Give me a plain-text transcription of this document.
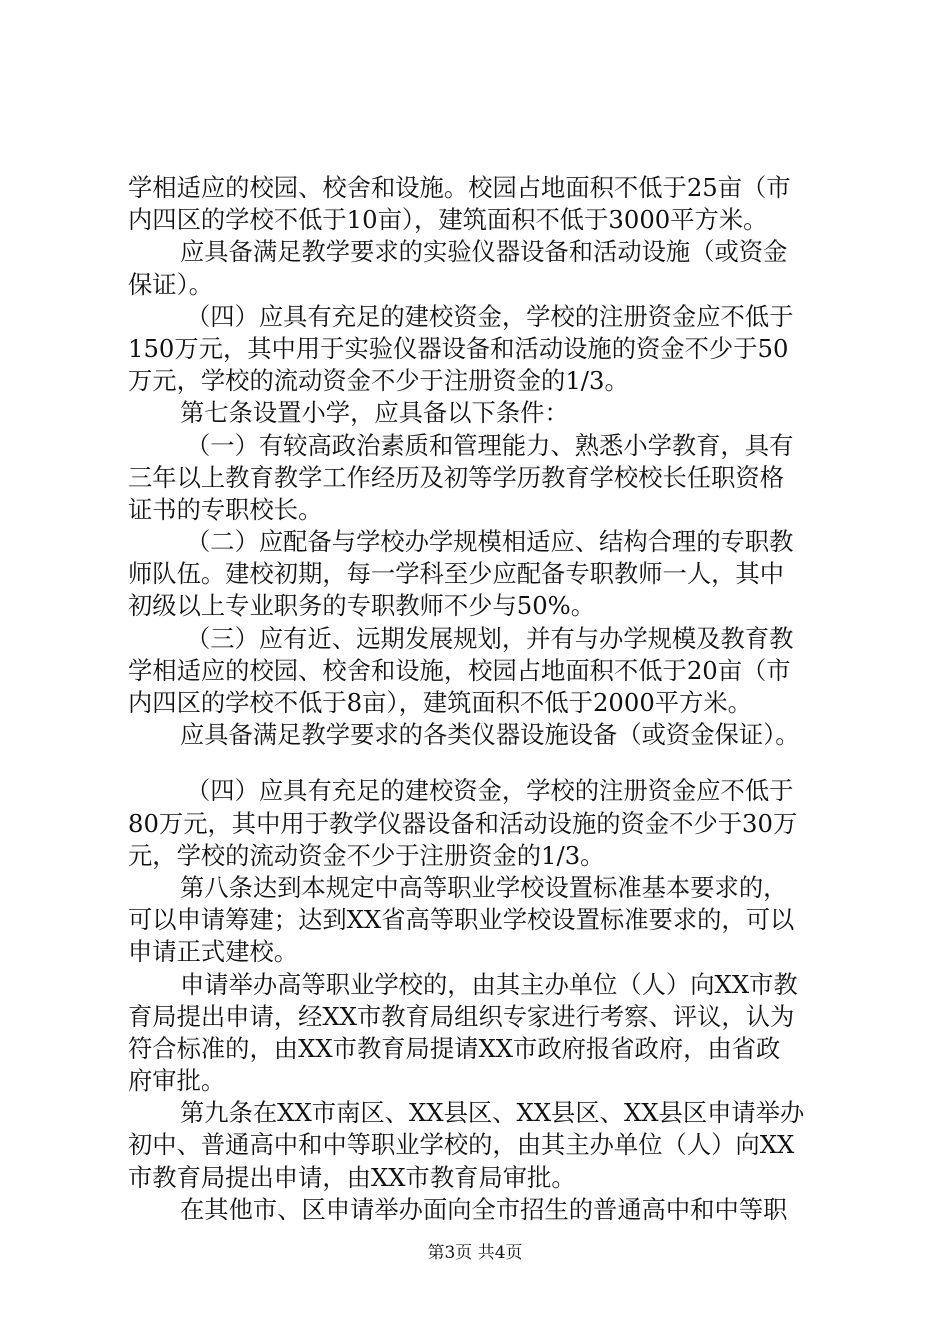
学相适应的校园、校舍和设施。校园占地面积不低于25亩（市
内四区的学校不低于10亩），建筑面积不低于3000平方米。
应具备满足教学要求的实验仪器设备和活动设施（或资金
保证）。
（四）应具有充足的建校资金，学校的注册资金应不低于
150万元，其中用于实验仪器设备和活动设施的资金不少于50
万元，学校的流动资金不少于注册资金的1/3。
第七条设置小学，应具备以下条件：
（一）有较高政治素质和管理能力、熟悉小学教育，具有
三年以上教育教学工作经历及初等学历教育学校校长任职资格
证书的专职校长。
（二）应配备与学校办学规模相适应、结构合理的专职教
师队伍。建校初期，每一学科至少应配备专职教师一人，其中
初级以上专业职务的专职教师不少与50%。
（三）应有近、远期发展规划，并有与办学规模及教育教
学相适应的校园、校舍和设施，校园占地面积不低于20亩（市
内四区的学校不低于8亩），建筑面积不低于2000平方米。
应具备满足教学要求的各类仪器设施设备（或资金保证）。
（四）应具有充足的建校资金，学校的注册资金应不低于
80万元，其中用于教学仪器设备和活动设施的资金不少于30万
元，学校的流动资金不少于注册资金的1/3。
第八条达到本规定中高等职业学校设置标准基本要求的，
可以申请筹建；达到XX省高等职业学校设置标准要求的，可以
申请正式建校。
申请举办高等职业学校的，由其主办单位（人）向XX市教
育局提出申请，经XX市教育局组织专家进行考察、评议，认为
符合标准的，由XX市教育局提请XX市政府报省政府，由省政
府审批。
第九条在XX市南区、XX县区、XX县区、XX县区申请举办
初中、普通高中和中等职业学校的，由其主办单位（人）向XX
市教育局提出申请，由XX市教育局审批。
在其他市、区申请举办面向全市招生的普通高中和中等职
第3页 共4页
